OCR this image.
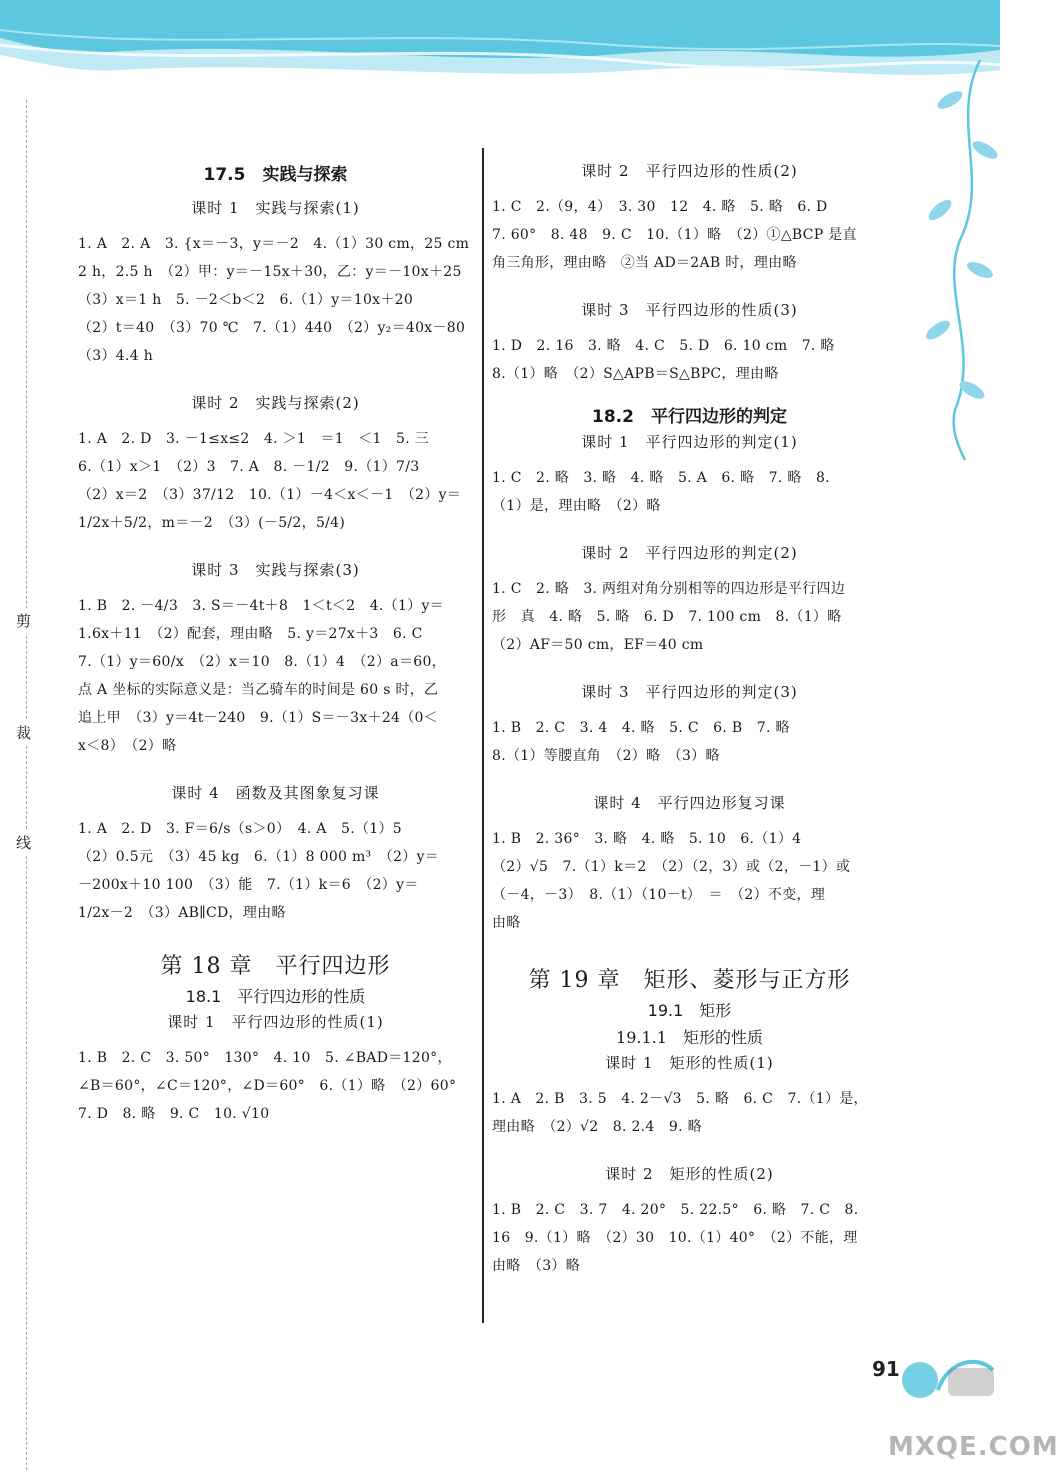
剪
裁
线
17.5　实践与探索
课时 1　实践与探索(1)

1. A　2. A　3. {x＝－3，y＝－2　4.（1）30 cm，25 cm

2 h，2.5 h　（2）甲：y＝－15x＋30，乙：y＝－10x＋25

（3）x＝1 h　5. －2＜b＜2　6.（1）y＝10x＋20

（2）t＝40　（3）70 ℃　7.（1）440　（2）y₂＝40x－80

（3）4.4 h

课时 2　实践与探索(2)

1. A　2. D　3. －1≤x≤2　4. ＞1　＝1　＜1　5. 三

6.（1）x＞1　（2）3　7. A　8. －1/2　9.（1）7/3

（2）x＝2　（3）37/12　10.（1）－4＜x＜－1　（2）y＝

1/2x＋5/2，m＝－2　（3）(－5/2，5/4)

课时 3　实践与探索(3)

1. B　2. －4/3　3. S＝－4t＋8　1＜t＜2　4.（1）y＝

1.6x＋11　（2）配套，理由略　5. y＝27x＋3　6. C

7.（1）y＝60/x　（2）x＝10　8.（1）4　（2）a＝60，

点 A 坐标的实际意义是：当乙骑车的时间是 60 s 时，乙

追上甲　（3）y＝4t－240　9.（1）S＝－3x＋24（0＜

x＜8）　（2）略

课时 4　函数及其图象复习课

1. A　2. D　3. F＝6/s（s＞0）　4. A　5.（1）5

（2）0.5元　（3）45 kg　6.（1）8 000 m³　（2）y＝

－200x＋10 100　（3）能　7.（1）k＝6　（2）y＝

1/2x－2　（3）AB∥CD，理由略

第 18 章　平行四边形
18.1　平行四边形的性质
课时 1　平行四边形的性质(1)

1. B　2. C　3. 50°　130°　4. 10　5. ∠BAD＝120°，

∠B＝60°，∠C＝120°，∠D＝60°　6.（1）略　（2）60°

7. D　8. 略　9. C　10. √10

课时 2　平行四边形的性质(2)

1. C　2.（9，4）　3. 30　12　4. 略　5. 略　6. D

7. 60°　8. 48　9. C　10.（1）略　（2）①△BCP 是直

角三角形，理由略　②当 AD＝2AB 时，理由略

课时 3　平行四边形的性质(3)

1. D　2. 16　3. 略　4. C　5. D　6. 10 cm　7. 略

8.（1）略　（2）S△APB＝S△BPC，理由略

18.2　平行四边形的判定
课时 1　平行四边形的判定(1)

1. C　2. 略　3. 略　4. 略　5. A　6. 略　7. 略　8.

（1）是，理由略　（2）略

课时 2　平行四边形的判定(2)

1. C　2. 略　3. 两组对角分别相等的四边形是平行四边

形　真　4. 略　5. 略　6. D　7. 100 cm　8.（1）略

（2）AF＝50 cm，EF＝40 cm

课时 3　平行四边形的判定(3)

1. B　2. C　3. 4　4. 略　5. C　6. B　7. 略

8.（1）等腰直角　（2）略　（3）略

课时 4　平行四边形复习课

1. B　2. 36°　3. 略　4. 略　5. 10　6.（1）4

（2）√5　7.（1）k＝2　（2）（2，3）或（2，－1）或

（－4，－3）　8.（1）（10－t）　＝　（2）不变，理

由略

第 19 章　矩形、菱形与正方形
19.1　矩形
19.1.1　矩形的性质
课时 1　矩形的性质(1)

1. A　2. B　3. 5　4. 2－√3　5. 略　6. C　7.（1）是，

理由略　（2）√2　8. 2.4　9. 略

课时 2　矩形的性质(2)

1. B　2. C　3. 7　4. 20°　5. 22.5°　6. 略　7. C　8.

16　9.（1）略　（2）30　10.（1）40°　（2）不能，理

由略　（3）略

91
MXQE.COM
